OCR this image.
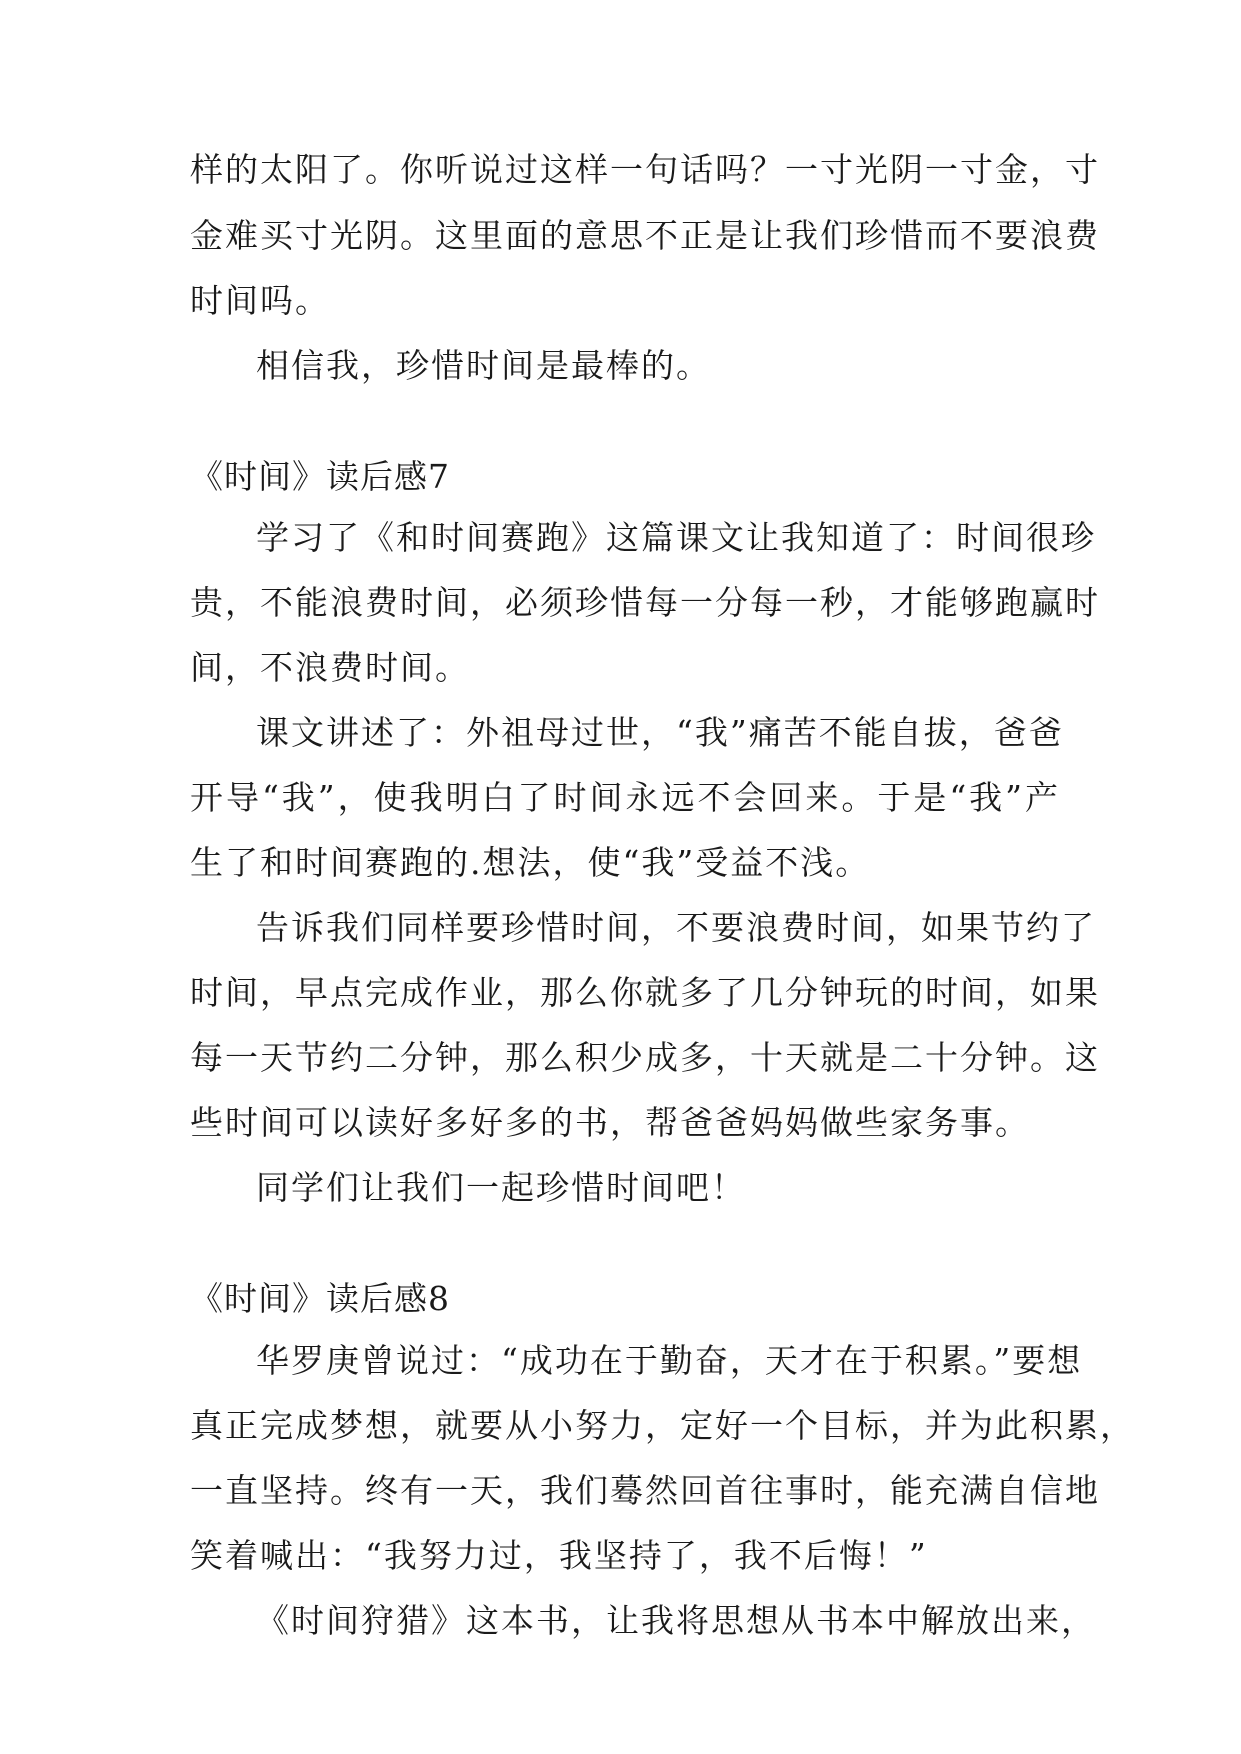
样的太阳了。你听说过这样一句话吗？一寸光阴一寸金，寸
金难买寸光阴。这里面的意思不正是让我们珍惜而不要浪费
时间吗。
相信我，珍惜时间是最棒的。
《时间》读后感7
学习了《和时间赛跑》这篇课文让我知道了：时间很珍
贵，不能浪费时间，必须珍惜每一分每一秒，才能够跑赢时
间，不浪费时间。
课文讲述了：外祖母过世，“我”痛苦不能自拔，爸爸
开导“我”，使我明白了时间永远不会回来。于是“我”产
生了和时间赛跑的.想法，使“我”受益不浅。
告诉我们同样要珍惜时间，不要浪费时间，如果节约了
时间，早点完成作业，那么你就多了几分钟玩的时间，如果
每一天节约二分钟，那么积少成多，十天就是二十分钟。这
些时间可以读好多好多的书，帮爸爸妈妈做些家务事。
同学们让我们一起珍惜时间吧！
《时间》读后感8
华罗庚曾说过：“成功在于勤奋，天才在于积累。”要想
真正完成梦想，就要从小努力，定好一个目标，并为此积累，
一直坚持。终有一天，我们蓦然回首往事时，能充满自信地
笑着喊出：“我努力过，我坚持了，我不后悔！”
《时间狩猎》这本书，让我将思想从书本中解放出来，
